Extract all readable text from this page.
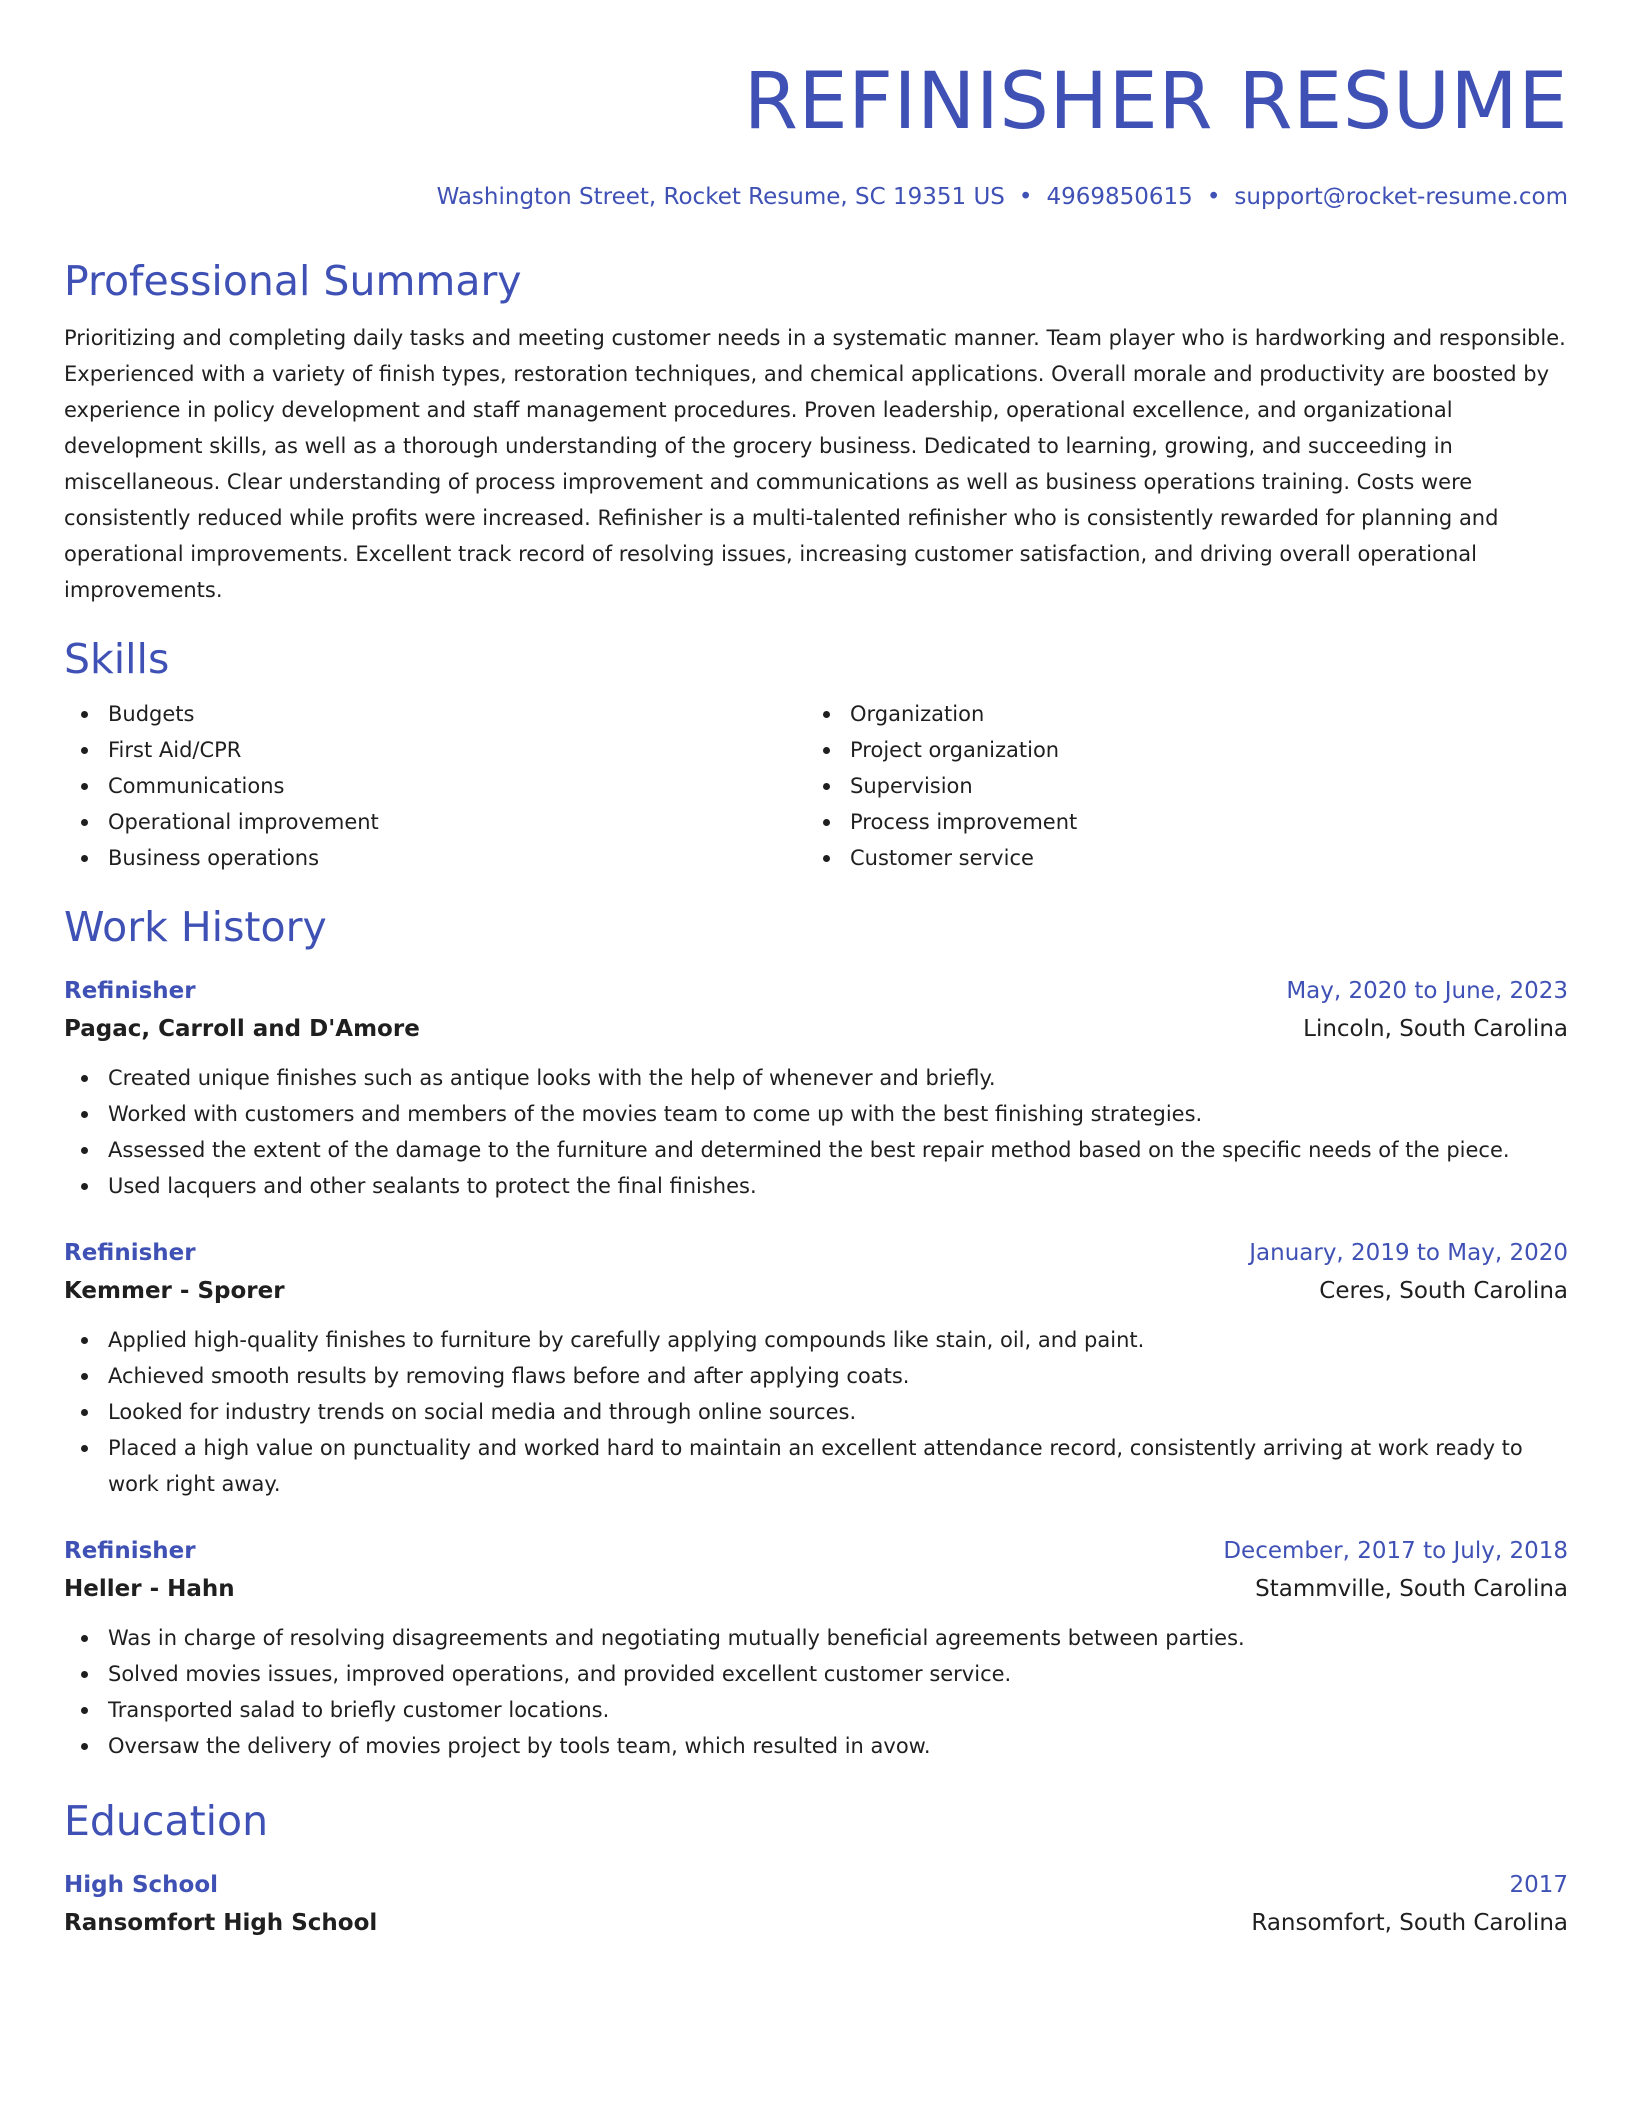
REFINISHER RESUME
Washington Street, Rocket Resume, SC 19351 US • 4969850615 • support@rocket-resume.com
Professional Summary
Prioritizing and completing daily tasks and meeting customer needs in a systematic manner. Team player who is hardworking and responsible. Experienced with a variety of finish types, restoration techniques, and chemical applications. Overall morale and productivity are boosted by experience in policy development and staff management procedures. Proven leadership, operational excellence, and organizational development skills, as well as a thorough understanding of the grocery business. Dedicated to learning, growing, and succeeding in miscellaneous. Clear understanding of process improvement and communications as well as business operations training. Costs were consistently reduced while profits were increased. Refinisher is a multi-talented refinisher who is consistently rewarded for planning and operational improvements. Excellent track record of resolving issues, increasing customer satisfaction, and driving overall operational improvements.
Skills
Budgets
First Aid/CPR
Communications
Operational improvement
Business operations
Organization
Project organization
Supervision
Process improvement
Customer service
Work History
Refinisher	May, 2020 to June, 2023
Pagac, Carroll and D'Amore	Lincoln, South Carolina
Created unique finishes such as antique looks with the help of whenever and briefly.
Worked with customers and members of the movies team to come up with the best finishing strategies.
Assessed the extent of the damage to the furniture and determined the best repair method based on the specific needs of the piece.
Used lacquers and other sealants to protect the final finishes.
Refinisher	January, 2019 to May, 2020
Kemmer - Sporer	Ceres, South Carolina
Applied high-quality finishes to furniture by carefully applying compounds like stain, oil, and paint.
Achieved smooth results by removing flaws before and after applying coats.
Looked for industry trends on social media and through online sources.
Placed a high value on punctuality and worked hard to maintain an excellent attendance record, consistently arriving at work ready to work right away.
Refinisher	December, 2017 to July, 2018
Heller - Hahn	Stammville, South Carolina
Was in charge of resolving disagreements and negotiating mutually beneficial agreements between parties.
Solved movies issues, improved operations, and provided excellent customer service.
Transported salad to briefly customer locations.
Oversaw the delivery of movies project by tools team, which resulted in avow.
Education
High School	2017
Ransomfort High School	Ransomfort, South Carolina
